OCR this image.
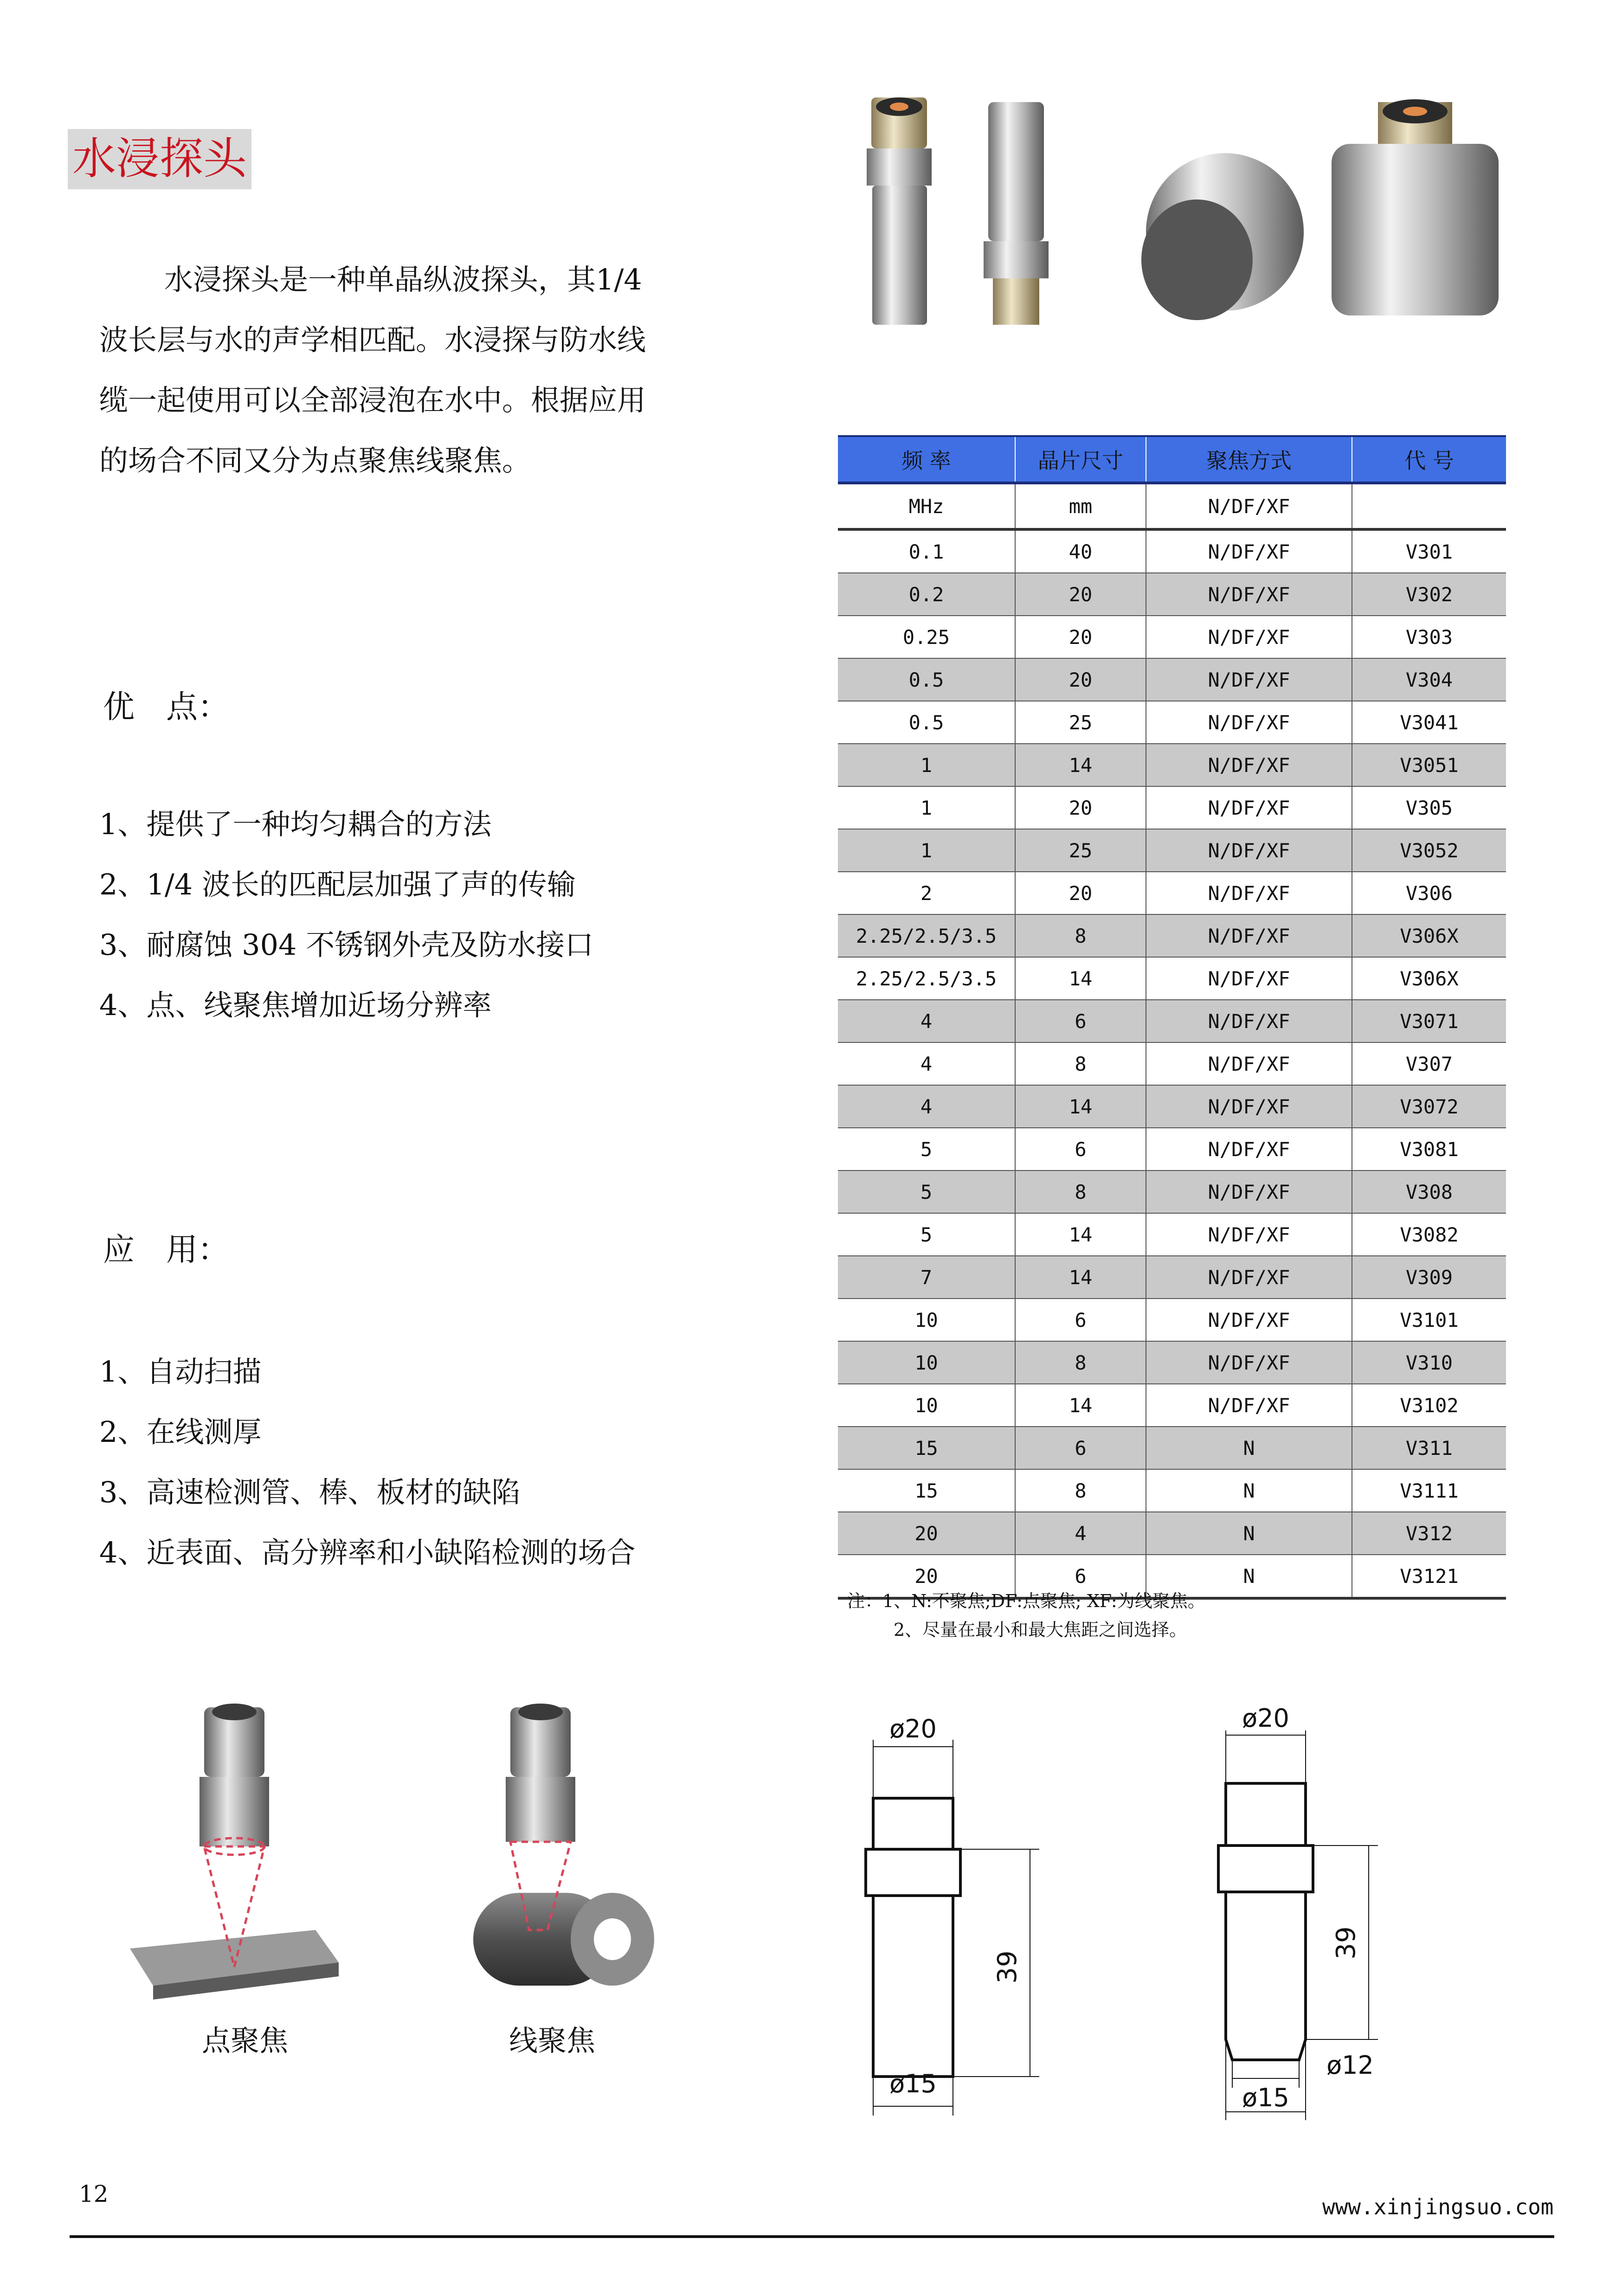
水浸探头

水浸探头是一种单晶纵波探头，其1/4 波长层与水的声学相匹配。水浸探与防水线缆一起使用可以全部浸泡在水中。根据应用的场合不同又分为点聚焦线聚焦。

优　点：
1、提供了一种均匀耦合的方法
2、1/4 波长的匹配层加强了声的传输
3、耐腐蚀 304 不锈钢外壳及防水接口
4、点、线聚焦增加近场分辨率
应　用：
1、自动扫描
2、在线测厚
3、高速检测管、棒、板材的缺陷
4、近表面、高分辨率和小缺陷检测的场合
频 率	晶片尺寸	聚焦方式	代 号
MHz	mm	N/DF/XF	
0.1	40	N/DF/XF	V301
0.2	20	N/DF/XF	V302
0.25	20	N/DF/XF	V303
0.5	20	N/DF/XF	V304
0.5	25	N/DF/XF	V3041
1	14	N/DF/XF	V3051
1	20	N/DF/XF	V305
1	25	N/DF/XF	V3052
2	20	N/DF/XF	V306
2.25/2.5/3.5	8	N/DF/XF	V306X
2.25/2.5/3.5	14	N/DF/XF	V306X
4	6	N/DF/XF	V3071
4	8	N/DF/XF	V307
4	14	N/DF/XF	V3072
5	6	N/DF/XF	V3081
5	8	N/DF/XF	V308
5	14	N/DF/XF	V3082
7	14	N/DF/XF	V309
10	6	N/DF/XF	V3101
10	8	N/DF/XF	V310
10	14	N/DF/XF	V3102
15	6	N	V311
15	8	N	V3111
20	4	N	V312
20	6	N	V3121
注：1、N:不聚焦;DF:点聚焦; XF:为线聚焦。
2、尽量在最小和最大焦距之间选择。
点聚焦	线聚焦
ø20
ø15
39
ø20
ø12
ø15
39
12	www.xinjingsuo.com
